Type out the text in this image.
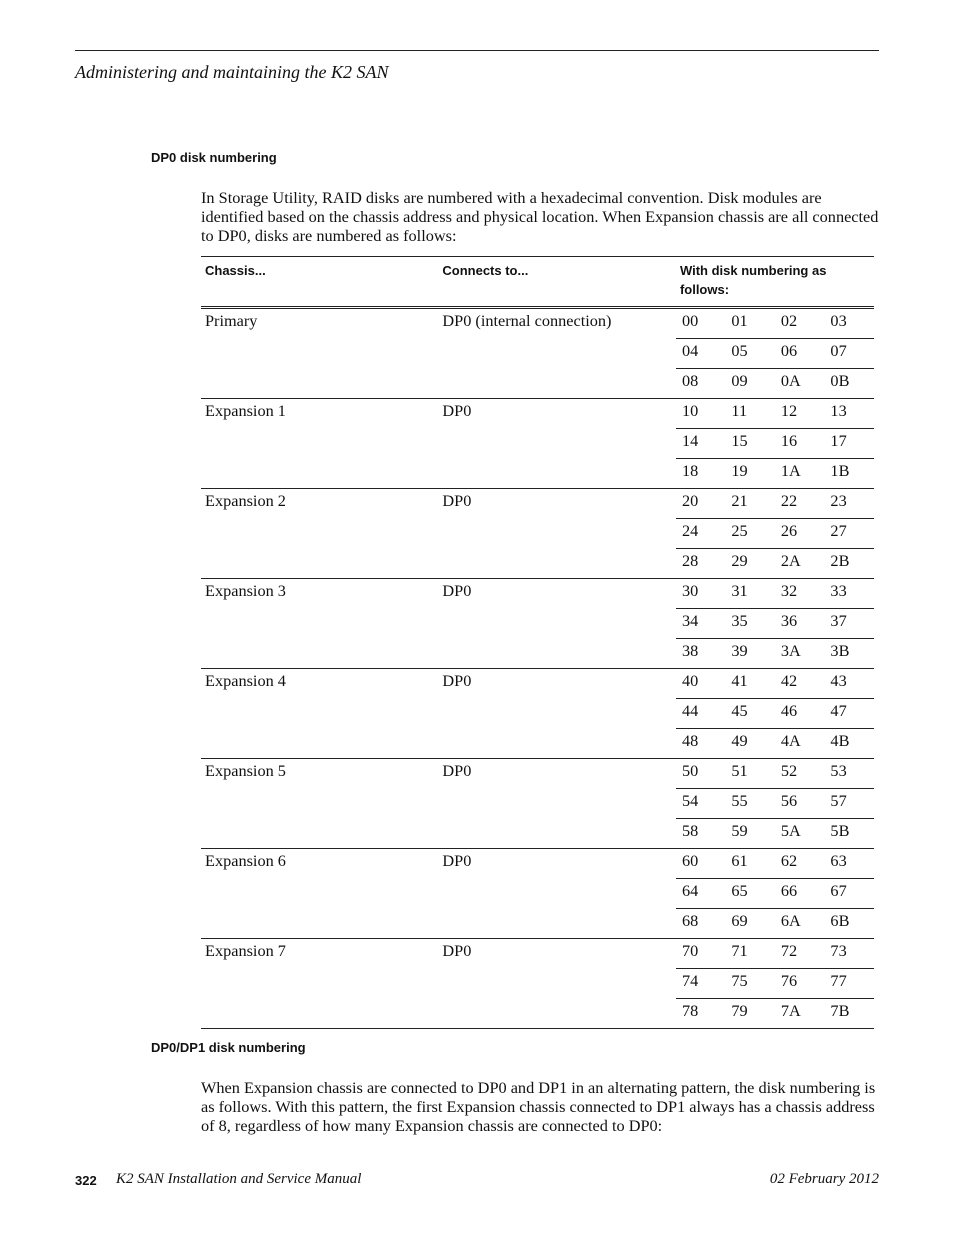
Administering and maintaining the K2 SAN
DP0 disk numbering
In Storage Utility, RAID disks are numbered with a hexadecimal convention. Disk modules are identified based on the chassis address and physical location. When Expansion chassis are all connected to DP0, disks are numbered as follows:
Chassis...	Connects to...	With disk numbering as follows:			
Primary	DP0 (internal connection)	00	01	02	03
		04	05	06	07
		08	09	0A	0B
Expansion 1	DP0	10	11	12	13
		14	15	16	17
		18	19	1A	1B
Expansion 2	DP0	20	21	22	23
		24	25	26	27
		28	29	2A	2B
Expansion 3	DP0	30	31	32	33
		34	35	36	37
		38	39	3A	3B
Expansion 4	DP0	40	41	42	43
		44	45	46	47
		48	49	4A	4B
Expansion 5	DP0	50	51	52	53
		54	55	56	57
		58	59	5A	5B
Expansion 6	DP0	60	61	62	63
		64	65	66	67
		68	69	6A	6B
Expansion 7	DP0	70	71	72	73
		74	75	76	77
		78	79	7A	7B
DP0/DP1 disk numbering
When Expansion chassis are connected to DP0 and DP1 in an alternating pattern, the disk numbering is as follows. With this pattern, the first Expansion chassis connected to DP1 always has a chassis address of 8, regardless of how many Expansion chassis are connected to DP0:
322 K2 SAN Installation and Service Manual	02 February 2012
